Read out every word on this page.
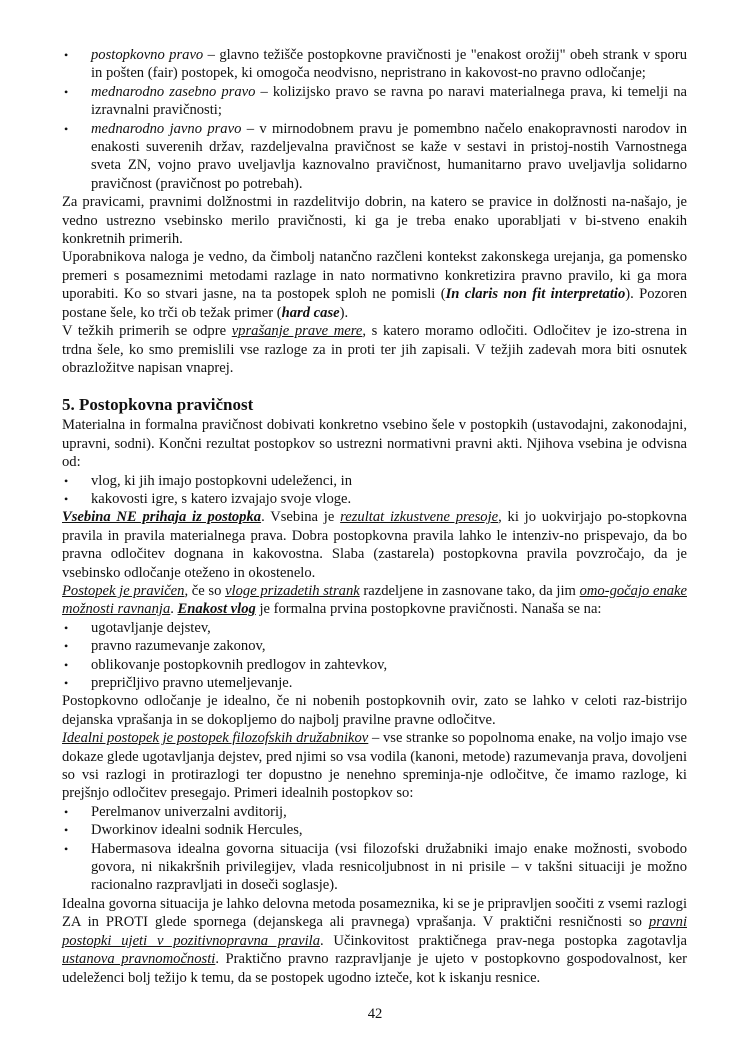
• postopkovno pravo – glavno težišče postopkovne pravičnosti je "enakost orožij" obeh strank v sporu in pošten (fair) postopek, ki omogoča neodvisno, nepristrano in kakovost-no pravno odločanje;
• mednarodno zasebno pravo – kolizijsko pravo se ravna po naravi materialnega prava, ki temelji na izravnalni pravičnosti;
• mednarodno javno pravo – v mirnodobnem pravu je pomembno načelo enakopravnosti narodov in enakosti suverenih držav, razdeljevalna pravičnost se kaže v sestavi in pristoj-nostih Varnostnega sveta ZN, vojno pravo uveljavlja kaznovalno pravičnost, humanitarno pravo uveljavlja solidarno pravičnost (pravičnost po potrebah).

Za pravicami, pravnimi dolžnostmi in razdelitvijo dobrin, na katero se pravice in dolžnosti na-našajo, je vedno ustrezno vsebinsko merilo pravičnosti, ki ga je treba enako uporabljati v bi-stveno enakih konkretnih primerih.

Uporabnikova naloga je vedno, da čimbolj natančno razčleni kontekst zakonskega urejanja, ga pomensko premeri s posameznimi metodami razlage in nato normativno konkretizira pravno pravilo, ki ga mora uporabiti. Ko so stvari jasne, na ta postopek sploh ne pomisli (In claris non fit interpretatio). Pozoren postane šele, ko trči ob težak primer (hard case).

V težkih primerih se odpre vprašanje prave mere, s katero moramo odločiti. Odločitev je izo-strena in trdna šele, ko smo premislili vse razloge za in proti ter jih zapisali. V težjih zadevah mora biti osnutek obrazložitve napisan vnaprej.

5. Postopkovna pravičnost

Materialna in formalna pravičnost dobivati konkretno vsebino šele v postopkih (ustavodajni, zakonodajni, upravni, sodni). Končni rezultat postopkov so ustrezni normativni pravni akti. Njihova vsebina je odvisna od:

• vlog, ki jih imajo postopkovni udeleženci, in
• kakovosti igre, s katero izvajajo svoje vloge.

Vsebina NE prihaja iz postopka. Vsebina je rezultat izkustvene presoje, ki jo uokvirjajo po-stopkovna pravila in pravila materialnega prava. Dobra postopkovna pravila lahko le intenziv-no prispevajo, da bo pravna odločitev dognana in kakovostna. Slaba (zastarela) postopkovna pravila povzročajo, da je vsebinsko odločanje oteženo in okostenelo.

Postopek je pravičen, če so vloge prizadetih strank razdeljene in zasnovane tako, da jim omo-gočajo enake možnosti ravnanja. Enakost vlog je formalna prvina postopkovne pravičnosti. Nanaša se na:

• ugotavljanje dejstev,
• pravno razumevanje zakonov,
• oblikovanje postopkovnih predlogov in zahtevkov,
• prepričljivo pravno utemeljevanje.

Postopkovno odločanje je idealno, če ni nobenih postopkovnih ovir, zato se lahko v celoti raz-bistrijo dejanska vprašanja in se dokopljemo do najbolj pravilne pravne odločitve.

Idealni postopek je postopek filozofskih družabnikov – vse stranke so popolnoma enake, na voljo imajo vse dokaze glede ugotavljanja dejstev, pred njimi so vsa vodila (kanoni, metode) razumevanja prava, dovoljeni so vsi razlogi in protirazlogi ter dopustno je nenehno spreminja-nje odločitve, če imamo razloge, ki prejšnjo odločitev presegajo. Primeri idealnih postopkov so:

• Perelmanov univerzalni avditorij,
• Dworkinov idealni sodnik Hercules,
• Habermasova idealna govorna situacija (vsi filozofski družabniki imajo enake možnosti, svobodo govora, ni nikakršnih privilegijev, vlada resnicoljubnost in ni prisile – v takšni situaciji je možno racionalno razpravljati in doseči soglasje).

Idealna govorna situacija je lahko delovna metoda posameznika, ki se je pripravljen soočiti z vsemi razlogi ZA in PROTI glede spornega (dejanskega ali pravnega) vprašanja. V praktični resničnosti so pravni postopki ujeti v pozitivnopravna pravila. Učinkovitost praktičnega prav-nega postopka zagotavlja ustanova pravnomočnosti. Praktično pravno razpravljanje je ujeto v postopkovno gospodovalnost, ker udeleženci bolj težijo k temu, da se postopek ugodno izteče, kot k iskanju resnice.

42
